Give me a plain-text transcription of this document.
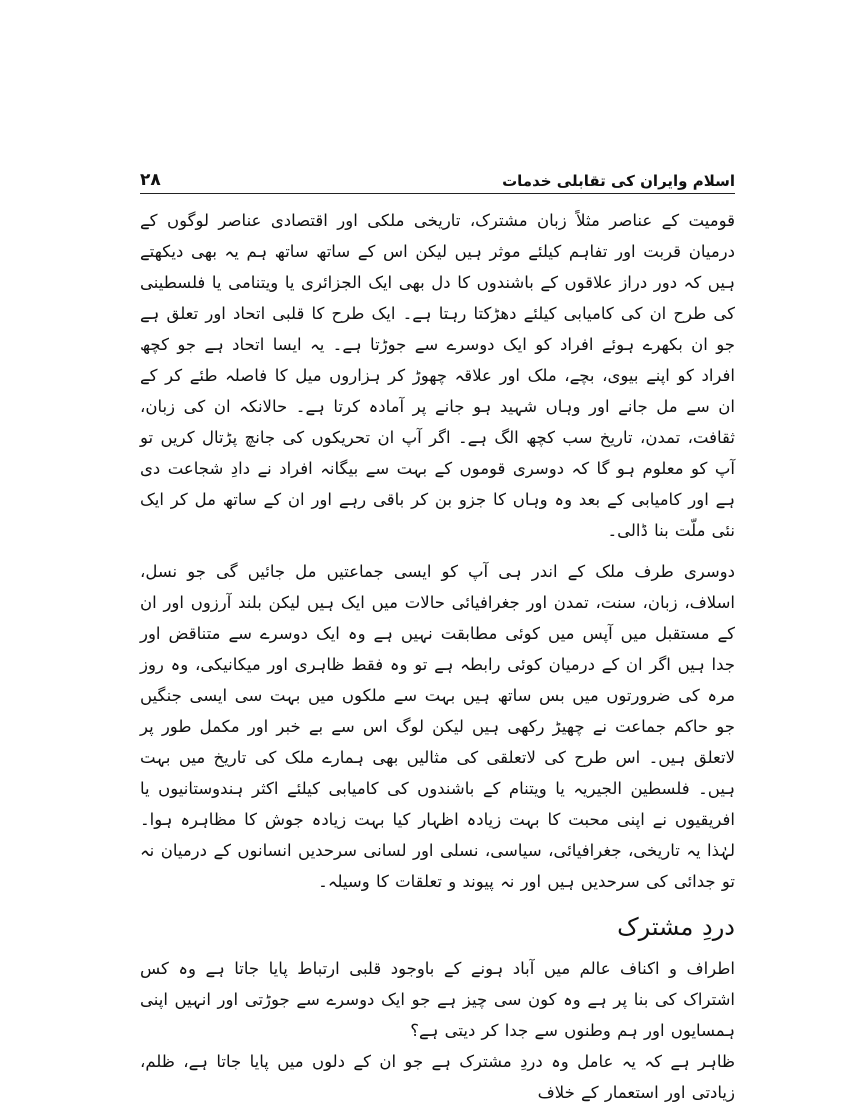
۲۸	اسلام وایران کی تقابلی خدمات

قومیت کے عناصر مثلاً زبان مشترک، تاریخی ملکی اور اقتصادی عناصر لوگوں کے درمیان قربت اور تفاہم کیلئے موثر ہیں لیکن اس کے ساتھ ساتھ ہم یہ بھی دیکھتے ہیں کہ دور دراز علاقوں کے باشندوں کا دل بھی ایک الجزائری یا ویتنامی یا فلسطینی کی طرح ان کی کامیابی کیلئے دھڑکتا رہتا ہے۔ ایک طرح کا قلبی اتحاد اور تعلق ہے جو ان بکھرے ہوئے افراد کو ایک دوسرے سے جوڑتا ہے۔ یہ ایسا اتحاد ہے جو کچھ افراد کو اپنے بیوی، بچے، ملک اور علاقہ چھوڑ کر ہزاروں میل کا فاصلہ طئے کر کے ان سے مل جانے اور وہاں شہید ہو جانے پر آمادہ کرتا ہے۔ حالانکہ ان کی زبان، ثقافت، تمدن، تاریخ سب کچھ الگ ہے۔ اگر آپ ان تحریکوں کی جانچ پڑتال کریں تو آپ کو معلوم ہو گا کہ دوسری قوموں کے بہت سے بیگانہ افراد نے دادِ شجاعت دی ہے اور کامیابی کے بعد وہ وہاں کا جزو بن کر باقی رہے اور ان کے ساتھ مل کر ایک نئی ملّت بنا ڈالی۔

دوسری طرف ملک کے اندر ہی آپ کو ایسی جماعتیں مل جائیں گی جو نسل، اسلاف، زبان، سنت، تمدن اور جغرافیائی حالات میں ایک ہیں لیکن بلند آرزوں اور ان کے مستقبل میں آپس میں کوئی مطابقت نہیں ہے وہ ایک دوسرے سے متناقض اور جدا ہیں اگر ان کے درمیان کوئی رابطہ ہے تو وہ فقط ظاہری اور میکانیکی، وہ روز مرہ کی ضرورتوں میں بس ساتھ ہیں بہت سے ملکوں میں بہت سی ایسی جنگیں جو حاکم جماعت نے چھیڑ رکھی ہیں لیکن لوگ اس سے بے خبر اور مکمل طور پر لاتعلق ہیں۔ اس طرح کی لاتعلقی کی مثالیں بھی ہمارے ملک کی تاریخ میں بہت ہیں۔ فلسطین الجیریہ یا ویتنام کے باشندوں کی کامیابی کیلئے اکثر ہندوستانیوں یا افریقیوں نے اپنی محبت کا بہت زیادہ اظہار کیا بہت زیادہ جوش کا مظاہرہ ہوا۔ لہٰذا یہ تاریخی، جغرافیائی، سیاسی، نسلی اور لسانی سرحدیں انسانوں کے درمیان نہ تو جدائی کی سرحدیں ہیں اور نہ پیوند و تعلقات کا وسیلہ۔

دردِ مشترک

اطراف و اکناف عالم میں آباد ہونے کے باوجود قلبی ارتباط پایا جاتا ہے وہ کس اشتراک کی بنا پر ہے وہ کون سی چیز ہے جو ایک دوسرے سے جوڑتی اور انہیں اپنی ہمسایوں اور ہم وطنوں سے جدا کر دیتی ہے؟

ظاہر ہے کہ یہ عامل وہ دردِ مشترک ہے جو ان کے دلوں میں پایا جاتا ہے، ظلم، زیادتی اور استعمار کے خلاف
